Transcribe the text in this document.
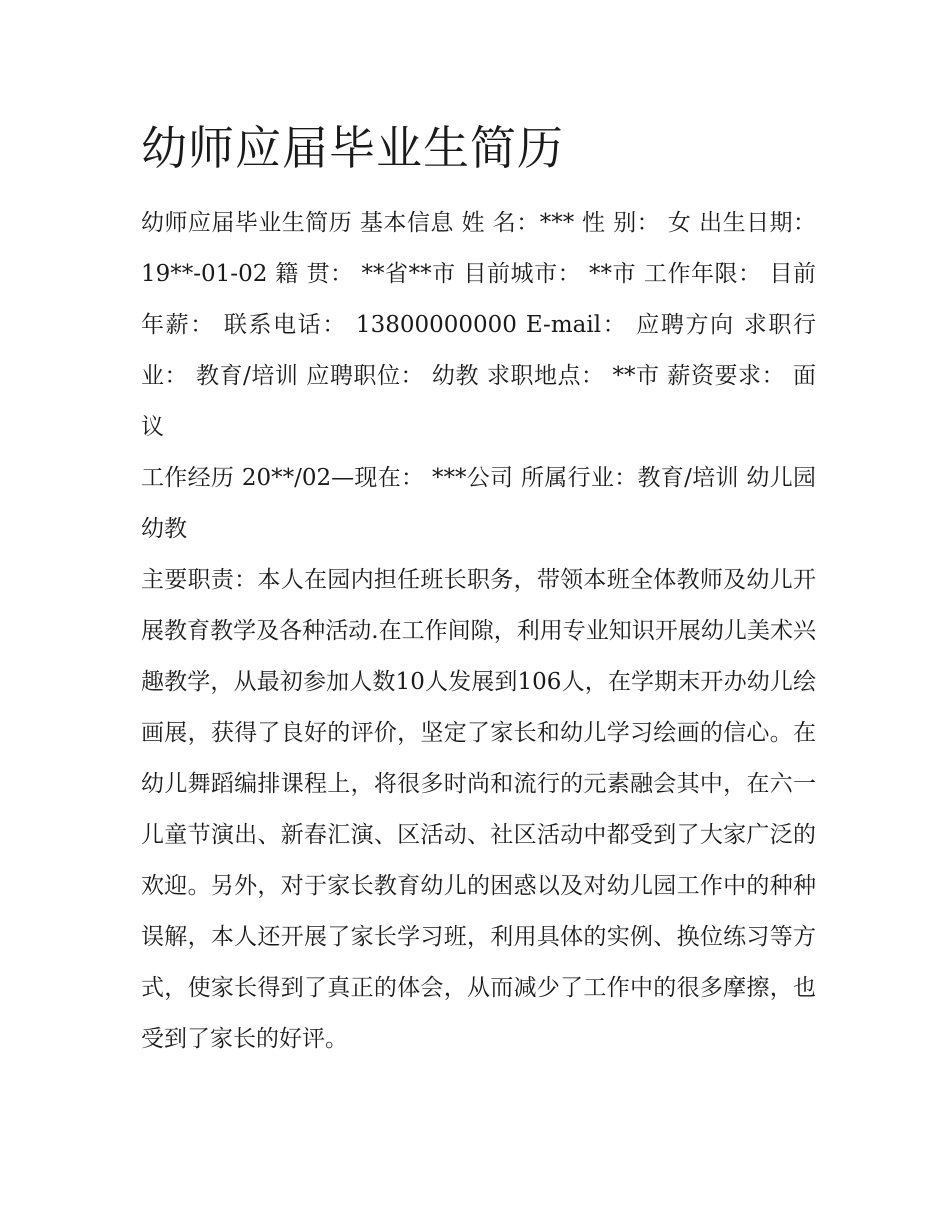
幼师应届毕业生简历

幼师应届毕业生简历 基本信息 姓 名：*** 性 别： 女 出生日期： 19**-01-02 籍 贯： **省**市 目前城市： **市 工作年限： 目前年薪： 联系电话： 13800000000 E-mail： 应聘方向 求职行业： 教育/培训 应聘职位： 幼教 求职地点： **市 薪资要求： 面议

工作经历 20**/02—现在： ***公司 所属行业：教育/培训 幼儿园 幼教

主要职责：本人在园内担任班长职务，带领本班全体教师及幼儿开展教育教学及各种活动.在工作间隙，利用专业知识开展幼儿美术兴趣教学，从最初参加人数10人发展到106人，在学期末开办幼儿绘画展，获得了良好的评价，坚定了家长和幼儿学习绘画的信心。在幼儿舞蹈编排课程上，将很多时尚和流行的元素融会其中，在六一儿童节演出、新春汇演、区活动、社区活动中都受到了大家广泛的欢迎。另外，对于家长教育幼儿的困惑以及对幼儿园工作中的种种误解，本人还开展了家长学习班，利用具体的实例、换位练习等方式，使家长得到了真正的体会，从而减少了工作中的很多摩擦，也受到了家长的好评。
